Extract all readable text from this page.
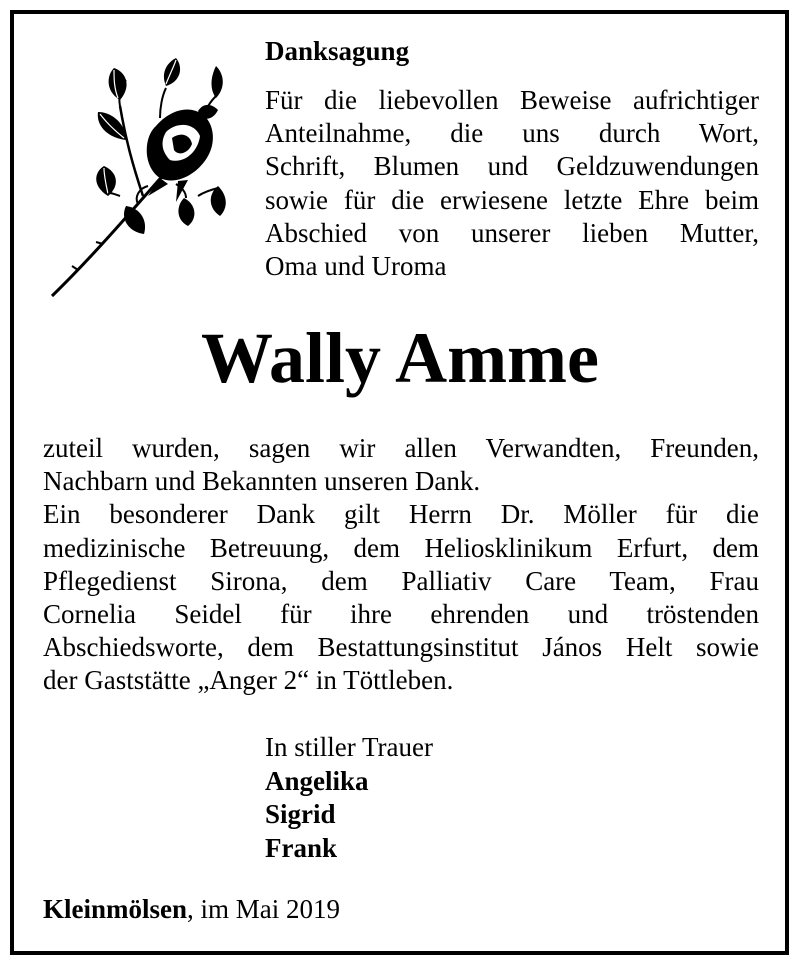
Danksagung
Für die liebevollen Beweise aufrichtiger
Anteilnahme, die uns durch Wort,
Schrift, Blumen und Geldzuwendungen
sowie für die erwiesene letzte Ehre beim
Abschied von unserer lieben Mutter,
Oma und Uroma
Wally Amme
zuteil wurden, sagen wir allen Verwandten, Freunden,
Nachbarn und Bekannten unseren Dank.
Ein besonderer Dank gilt Herrn Dr. Möller für die
medizinische Betreuung, dem Heliosklinikum Erfurt, dem
Pflegedienst Sirona, dem Palliativ Care Team, Frau
Cornelia Seidel für ihre ehrenden und tröstenden
Abschiedsworte, dem Bestattungsinstitut János Helt sowie
der Gaststätte „Anger 2“ in Töttleben.
In stiller Trauer
Angelika
Sigrid
Frank
Kleinmölsen, im Mai 2019
